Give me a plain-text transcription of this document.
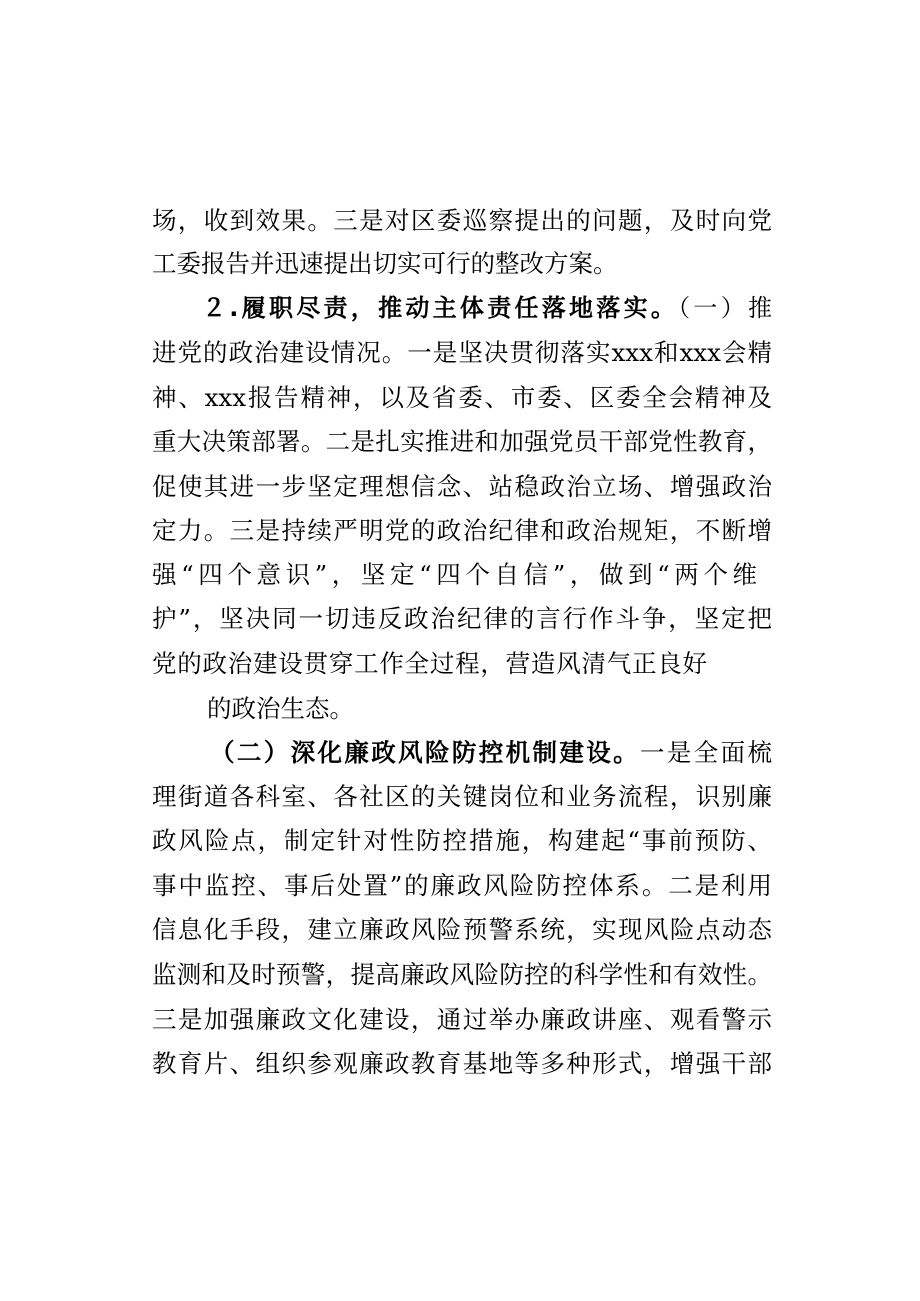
场，收到效果。三是对区委巡察提出的问题，及时向党
工委报告并迅速提出切实可行的整改方案。
２.履职尽责，推动主体责任落地落实。（一）推
进党的政治建设情况。一是坚决贯彻落实xxx和xxx会精
神、xxx报告精神，以及省委、市委、区委全会精神及
重大决策部署。二是扎实推进和加强党员干部党性教育，
促使其进一步坚定理想信念、站稳政治立场、增强政治
定力。三是持续严明党的政治纪律和政治规矩，不断增
强“四个意识”，坚定“四个自信”，做到“两个维
护”，坚决同一切违反政治纪律的言行作斗争，坚定把
党的政治建设贯穿工作全过程，营造风清气正良好
的政治生态。
（二）深化廉政风险防控机制建设。一是全面梳
理街道各科室、各社区的关键岗位和业务流程，识别廉
政风险点，制定针对性防控措施，构建起“事前预防、
事中监控、事后处置”的廉政风险防控体系。二是利用
信息化手段，建立廉政风险预警系统，实现风险点动态
监测和及时预警，提高廉政风险防控的科学性和有效性。
三是加强廉政文化建设，通过举办廉政讲座、观看警示
教育片、组织参观廉政教育基地等多种形式，增强干部
